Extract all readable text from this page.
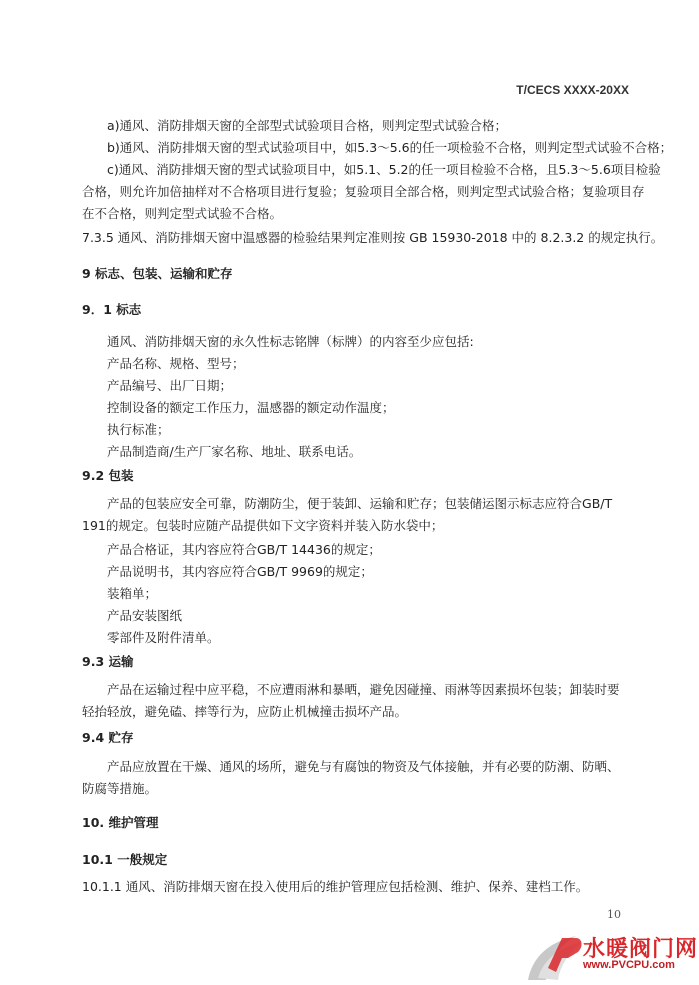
T/CECS XXXX-20XX
a)通风、消防排烟天窗的全部型式试验项目合格，则判定型式试验合格；
b)通风、消防排烟天窗的型式试验项目中，如5.3～5.6的任一项检验不合格，则判定型式试验不合格；
c)通风、消防排烟天窗的型式试验项目中，如5.1、5.2的任一项目检验不合格，且5.3～5.6项目检验
合格，则允许加倍抽样对不合格项目进行复验；复验项目全部合格，则判定型式试验合格；复验项目存
在不合格，则判定型式试验不合格。
7.3.5 通风、消防排烟天窗中温感器的检验结果判定准则按 GB 15930-2018 中的 8.2.3.2 的规定执行。
9 标志、包装、运输和贮存
9．1 标志
通风、消防排烟天窗的永久性标志铭牌（标牌）的内容至少应包括:
产品名称、规格、型号；
产品编号、出厂日期；
控制设备的额定工作压力，温感器的额定动作温度；
执行标准；
产品制造商/生产厂家名称、地址、联系电话。
9.2 包装
产品的包装应安全可靠，防潮防尘，便于装卸、运输和贮存；包装储运图示标志应符合GB/T 191的规定。包装时应随产品提供如下文字资料并装入防水袋中；
产品合格证，其内容应符合GB/T 14436的规定；
产品说明书，其内容应符合GB/T 9969的规定；
装箱单；
产品安装图纸
零部件及附件清单。
9.3 运输
产品在运输过程中应平稳，不应遭雨淋和暴晒，避免因碰撞、雨淋等因素损坏包装；卸装时要轻抬轻放，避免磕、摔等行为，应防止机械撞击损坏产品。
9.4 贮存
产品应放置在干燥、通风的场所，避免与有腐蚀的物资及气体接触，并有必要的防潮、防晒、防腐等措施。
10. 维护管理
10.1 一般规定
10.1.1 通风、消防排烟天窗在投入使用后的维护管理应包括检测、维护、保养、建档工作。
10
水暖阀门网
www.PVCPU.com
